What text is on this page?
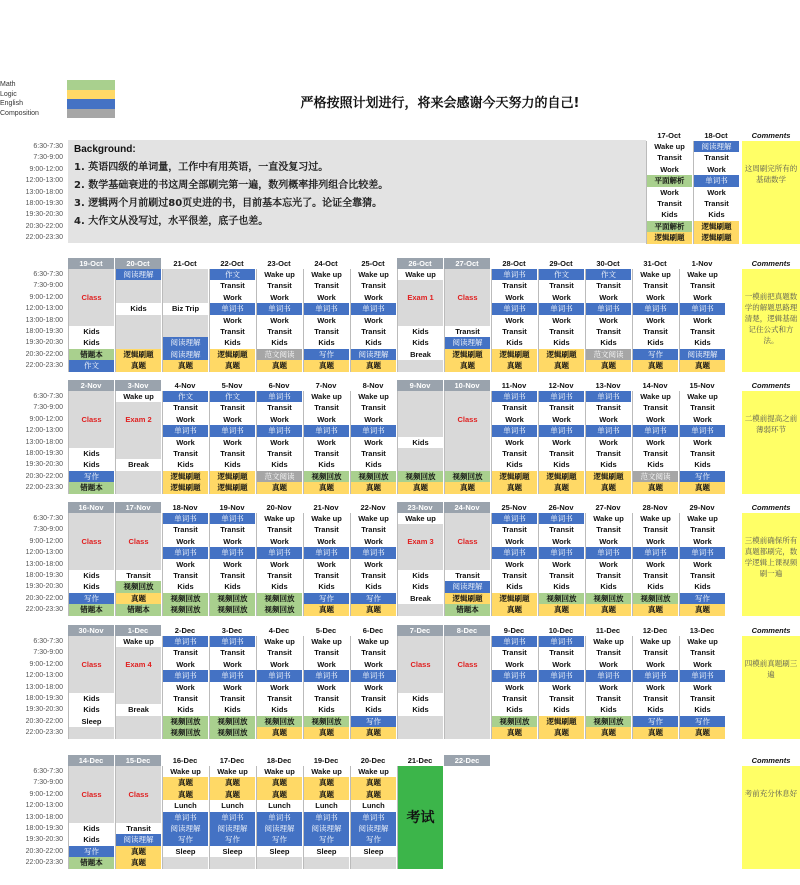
Math
Logic
English
Composition
严格按照计划进行，将来会感谢今天努力的自己!
6:30-7:30
7:30-9:00
9:00-12:00
12:00-13:00
13:00-18:00
18:00-19:30
19:30-20:30
20:30-22:00
22:00-23:30
Background:
1. 英语四级的单词量，工作中有用英语，一直没复习过。
2. 数学基础衰进的书这周全部刷完第一遍，数列概率排列组合比较差。
3. 逻辑两个月前刷过80页史进的书，目前基本忘光了。论证全靠猜。
4. 大作文从没写过，水平很差，底子也差。
17-Oct
Wake up
Transit
Work
平面解析
Work
Transit
Kids
平面解析
逻辑刷题
18-Oct
阅读理解
Transit
Work
单词书
Work
Transit
Kids
逻辑刷题
逻辑刷题
Comments
这周刷完所有的基础数学
6:30-7:30
7:30-9:00
9:00-12:00
12:00-13:00
13:00-18:00
18:00-19:30
19:30-20:30
20:30-22:00
22:00-23:30
19-Oct
Class
Kids
Kids
错题本
作文
20-Oct
阅读理解
Kids
逻辑刷题
真题
21-Oct
Biz Trip
阅读理解
阅读理解
真题
22-Oct
作文
Transit
Work
单词书
Work
Transit
Kids
逻辑刷题
真题
23-Oct
Wake up
Transit
Work
单词书
Work
Transit
Kids
范文阅读
真题
24-Oct
Wake up
Transit
Work
单词书
Work
Transit
Kids
写作
真题
25-Oct
Wake up
Transit
Work
单词书
Work
Transit
Kids
阅读理解
真题
26-Oct
Wake up
Exam 1
Kids
Kids
Break
27-Oct
Class
Transit
阅读理解
逻辑刷题
真题
28-Oct
单词书
Transit
Work
单词书
Work
Transit
Kids
逻辑刷题
真题
29-Oct
作文
Transit
Work
单词书
Work
Transit
Kids
逻辑刷题
真题
30-Oct
作文
Transit
Work
单词书
Work
Transit
Kids
范文阅读
真题
31-Oct
Wake up
Transit
Work
单词书
Work
Transit
Kids
写作
真题
1-Nov
Wake up
Transit
Work
单词书
Work
Transit
Kids
阅读理解
真题
Comments
一模前把真题数学的解题思路理清楚，逻辑基础记住公式和方法。
6:30-7:30
7:30-9:00
9:00-12:00
12:00-13:00
13:00-18:00
18:00-19:30
19:30-20:30
20:30-22:00
22:00-23:30
2-Nov
Class
Kids
Kids
写作
错题本
3-Nov
Wake up
Exam 2
Break
4-Nov
作文
Transit
Work
单词书
Work
Transit
Kids
逻辑刷题
逻辑刷题
5-Nov
作文
Transit
Work
单词书
Work
Transit
Kids
逻辑刷题
逻辑刷题
6-Nov
单词书
Transit
Work
单词书
Work
Transit
Kids
范文阅读
真题
7-Nov
Wake up
Transit
Work
单词书
Work
Transit
Kids
视频回放
真题
8-Nov
Wake up
Transit
Work
单词书
Work
Transit
Kids
视频回放
真题
9-Nov
Kids
视频回放
真题
10-Nov
Class
视频回放
真题
11-Nov
单词书
Transit
Work
单词书
Work
Transit
Kids
逻辑刷题
真题
12-Nov
单词书
Transit
Work
单词书
Work
Transit
Kids
逻辑刷题
真题
13-Nov
单词书
Transit
Work
单词书
Work
Transit
Kids
逻辑刷题
真题
14-Nov
Wake up
Transit
Work
单词书
Work
Transit
Kids
范文阅读
真题
15-Nov
Wake up
Transit
Work
单词书
Work
Transit
Kids
写作
真题
Comments
二模前提高之前薄弱环节
6:30-7:30
7:30-9:00
9:00-12:00
12:00-13:00
13:00-18:00
18:00-19:30
19:30-20:30
20:30-22:00
22:00-23:30
16-Nov
Class
Kids
Kids
写作
错题本
17-Nov
Class
Transit
视频回放
真题
错题本
18-Nov
单词书
Transit
Work
单词书
Work
Transit
Kids
视频回放
视频回放
19-Nov
单词书
Transit
Work
单词书
Work
Transit
Kids
视频回放
视频回放
20-Nov
Wake up
Transit
Work
单词书
Work
Transit
Kids
视频回放
视频回放
21-Nov
Wake up
Transit
Work
单词书
Work
Transit
Kids
写作
真题
22-Nov
Wake up
Transit
Work
单词书
Work
Transit
Kids
写作
真题
23-Nov
Wake up
Exam 3
Kids
Kids
Break
24-Nov
Class
Transit
阅读理解
逻辑刷题
错题本
25-Nov
单词书
Transit
Work
单词书
Work
Transit
Kids
逻辑刷题
真题
26-Nov
单词书
Transit
Work
单词书
Work
Transit
Kids
视频回放
真题
27-Nov
Wake up
Transit
Work
单词书
Work
Transit
Kids
视频回放
真题
28-Nov
Wake up
Transit
Work
单词书
Work
Transit
Kids
视频回放
真题
29-Nov
Wake up
Transit
Work
单词书
Work
Transit
Kids
写作
真题
Comments
三模前确保所有真题都刷完，数学逻辑上课视频刷一遍
6:30-7:30
7:30-9:00
9:00-12:00
12:00-13:00
13:00-18:00
18:00-19:30
19:30-20:30
20:30-22:00
22:00-23:30
30-Nov
Class
Kids
Kids
Sleep
1-Dec
Wake up
Exam 4
Break
2-Dec
单词书
Transit
Work
单词书
Work
Transit
Kids
视频回放
视频回放
3-Dec
单词书
Transit
Work
单词书
Work
Transit
Kids
视频回放
视频回放
4-Dec
Wake up
Transit
Work
单词书
Work
Transit
Kids
视频回放
真题
5-Dec
Wake up
Transit
Work
单词书
Work
Transit
Kids
视频回放
真题
6-Dec
Wake up
Transit
Work
单词书
Work
Transit
Kids
写作
真题
7-Dec
Class
Kids
Kids
8-Dec
Class
9-Dec
单词书
Transit
Work
单词书
Work
Transit
Kids
视频回放
真题
10-Dec
单词书
Transit
Work
单词书
Work
Transit
Kids
逻辑刷题
真题
11-Dec
Wake up
Transit
Work
单词书
Work
Transit
Kids
视频回放
真题
12-Dec
Wake up
Transit
Work
单词书
Work
Transit
Kids
写作
真题
13-Dec
Wake up
Transit
Work
单词书
Work
Transit
Kids
写作
真题
Comments
四模前真题刷三遍
6:30-7:30
7:30-9:00
9:00-12:00
12:00-13:00
13:00-18:00
18:00-19:30
19:30-20:30
20:30-22:00
22:00-23:30
14-Dec
Class
Kids
Kids
写作
错题本
15-Dec
Class
Transit
阅读理解
真题
真题
16-Dec
Wake up
真题
真题
Lunch
单词书
阅读理解
写作
Sleep
17-Dec
Wake up
真题
真题
Lunch
单词书
阅读理解
写作
Sleep
18-Dec
Wake up
真题
真题
Lunch
单词书
阅读理解
写作
Sleep
19-Dec
Wake up
真题
真题
Lunch
单词书
阅读理解
写作
Sleep
20-Dec
Wake up
真题
真题
Lunch
单词书
阅读理解
写作
Sleep
21-Dec
考试
22-Dec	Comments
考前充分休息好
